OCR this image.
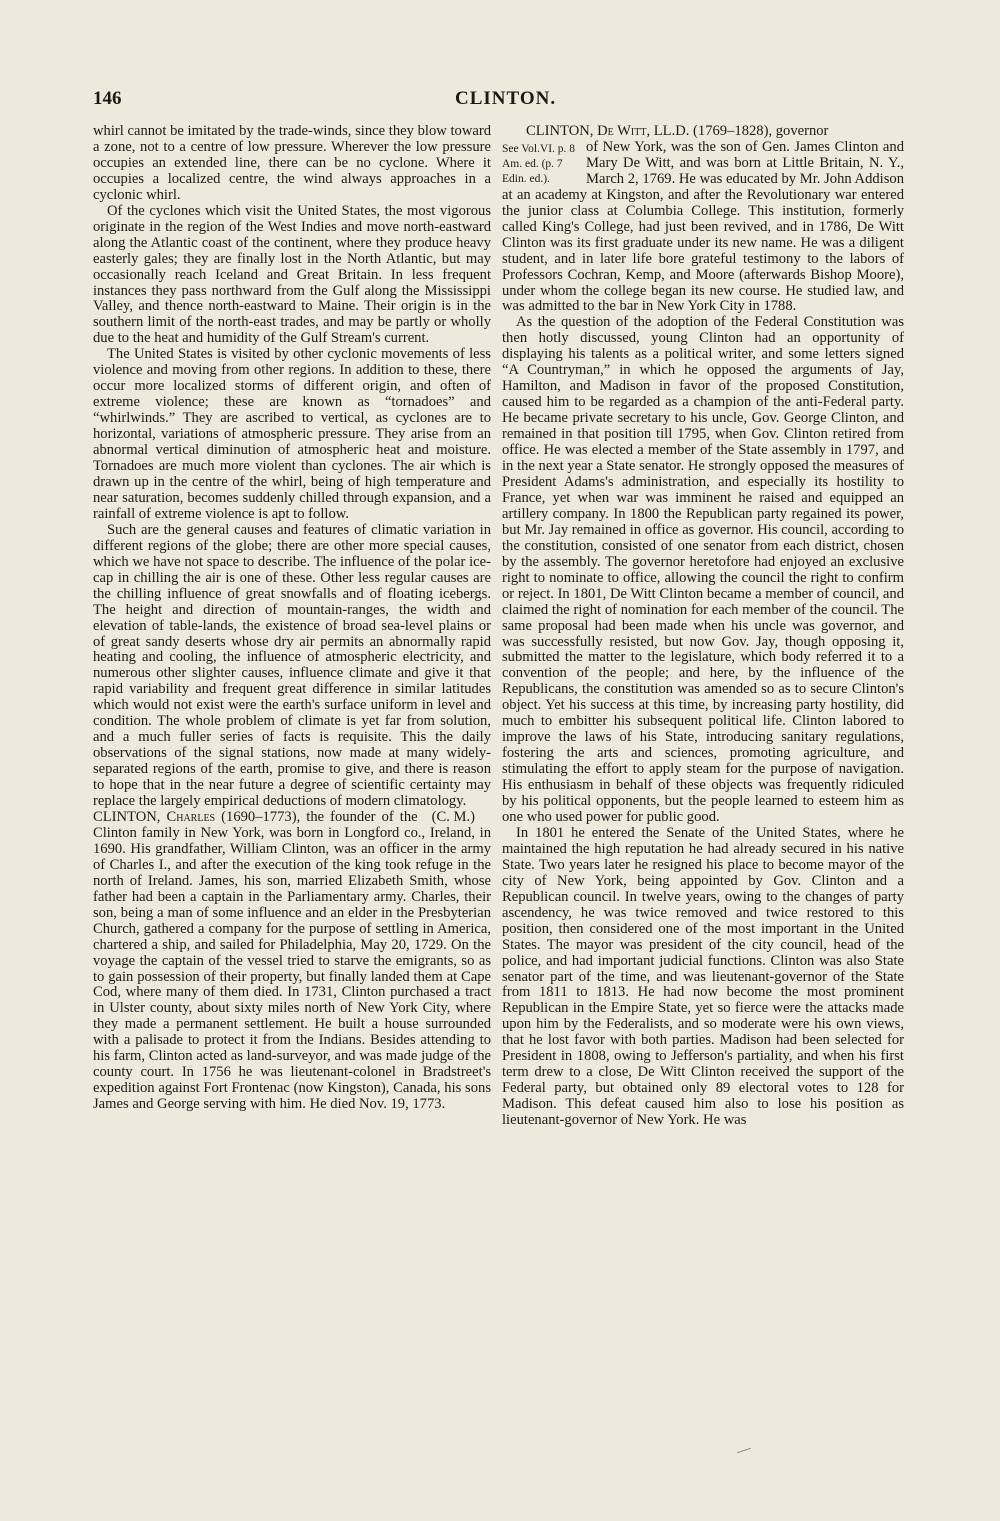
146	CLINTON.

whirl cannot be imitated by the trade-winds, since they blow toward a zone, not to a centre of low pressure. Wherever the low pressure occupies an extended line, there can be no cyclone. Where it occupies a localized centre, the wind always approaches in a cyclonic whirl.

Of the cyclones which visit the United States, the most vigorous originate in the region of the West Indies and move north-eastward along the Atlantic coast of the continent, where they produce heavy easterly gales; they are finally lost in the North Atlantic, but may occasionally reach Iceland and Great Britain. In less frequent instances they pass northward from the Gulf along the Mississippi Valley, and thence north-eastward to Maine. Their origin is in the southern limit of the north-east trades, and may be partly or wholly due to the heat and humidity of the Gulf Stream's current.

The United States is visited by other cyclonic movements of less violence and moving from other regions. In addition to these, there occur more localized storms of different origin, and often of extreme violence; these are known as “tornadoes” and “whirlwinds.” They are ascribed to vertical, as cyclones are to horizontal, variations of atmospheric pressure. They arise from an abnormal vertical diminution of atmospheric heat and moisture. Tornadoes are much more violent than cyclones. The air which is drawn up in the centre of the whirl, being of high temperature and near saturation, becomes suddenly chilled through expansion, and a rainfall of extreme violence is apt to follow.

Such are the general causes and features of climatic variation in different regions of the globe; there are other more special causes, which we have not space to describe. The influence of the polar ice-cap in chilling the air is one of these. Other less regular causes are the chilling influence of great snowfalls and of floating icebergs. The height and direction of mountain-ranges, the width and elevation of table-lands, the existence of broad sea-level plains or of great sandy deserts whose dry air permits an abnormally rapid heating and cooling, the influence of atmospheric electricity, and numerous other slighter causes, influence climate and give it that rapid variability and frequent great difference in similar latitudes which would not exist were the earth's surface uniform in level and condition. The whole problem of climate is yet far from solution, and a much fuller series of facts is requisite. This the daily observations of the signal stations, now made at many widely-separated regions of the earth, promise to give, and there is reason to hope that in the near future a degree of scientific certainty may replace the largely empirical deductions of modern climatology.
(C. M.)

CLINTON, Charles (1690–1773), the founder of the Clinton family in New York, was born in Longford co., Ireland, in 1690. His grandfather, William Clinton, was an officer in the army of Charles I., and after the execution of the king took refuge in the north of Ireland. James, his son, married Elizabeth Smith, whose father had been a captain in the Parliamentary army. Charles, their son, being a man of some influence and an elder in the Presbyterian Church, gathered a company for the purpose of settling in America, chartered a ship, and sailed for Philadelphia, May 20, 1729. On the voyage the captain of the vessel tried to starve the emigrants, so as to gain possession of their property, but finally landed them at Cape Cod, where many of them died. In 1731, Clinton purchased a tract in Ulster county, about sixty miles north of New York City, where they made a permanent settlement. He built a house surrounded with a palisade to protect it from the Indians. Besides attending to his farm, Clinton acted as land-surveyor, and was made judge of the county court. In 1756 he was lieutenant-colonel in Bradstreet's expedition against Fort Frontenac (now Kingston), Canada, his sons James and George serving with him. He died Nov. 19, 1773.

CLINTON, De Witt, LL.D. (1769–1828), governor

See Vol.VI. p. 8 Am. ed. (p. 7 Edin. ed.).
of New York, was the son of Gen. James Clinton and Mary De Witt, and was born at Little Britain, N. Y., March 2, 1769. He was educated by Mr. John Addison at an academy at Kingston, and after the Revolutionary war entered the junior class at Columbia College. This institution, formerly called King's College, had just been revived, and in 1786, De Witt Clinton was its first graduate under its new name. He was a diligent student, and in later life bore grateful testimony to the labors of Professors Cochran, Kemp, and Moore (afterwards Bishop Moore), under whom the college began its new course. He studied law, and was admitted to the bar in New York City in 1788.

As the question of the adoption of the Federal Constitution was then hotly discussed, young Clinton had an opportunity of displaying his talents as a political writer, and some letters signed “A Countryman,” in which he opposed the arguments of Jay, Hamilton, and Madison in favor of the proposed Constitution, caused him to be regarded as a champion of the anti-Federal party. He became private secretary to his uncle, Gov. George Clinton, and remained in that position till 1795, when Gov. Clinton retired from office. He was elected a member of the State assembly in 1797, and in the next year a State senator. He strongly opposed the measures of President Adams's administration, and especially its hostility to France, yet when war was imminent he raised and equipped an artillery company. In 1800 the Republican party regained its power, but Mr. Jay remained in office as governor. His council, according to the constitution, consisted of one senator from each district, chosen by the assembly. The governor heretofore had enjoyed an exclusive right to nominate to office, allowing the council the right to confirm or reject. In 1801, De Witt Clinton became a member of council, and claimed the right of nomination for each member of the council. The same proposal had been made when his uncle was governor, and was successfully resisted, but now Gov. Jay, though opposing it, submitted the matter to the legislature, which body referred it to a convention of the people; and here, by the influence of the Republicans, the constitution was amended so as to secure Clinton's object. Yet his success at this time, by increasing party hostility, did much to embitter his subsequent political life. Clinton labored to improve the laws of his State, introducing sanitary regulations, fostering the arts and sciences, promoting agriculture, and stimulating the effort to apply steam for the purpose of navigation. His enthusiasm in behalf of these objects was frequently ridiculed by his political opponents, but the people learned to esteem him as one who used power for public good.

In 1801 he entered the Senate of the United States, where he maintained the high reputation he had already secured in his native State. Two years later he resigned his place to become mayor of the city of New York, being appointed by Gov. Clinton and a Republican council. In twelve years, owing to the changes of party ascendency, he was twice removed and twice restored to this position, then considered one of the most important in the United States. The mayor was president of the city council, head of the police, and had important judicial functions. Clinton was also State senator part of the time, and was lieutenant-governor of the State from 1811 to 1813. He had now become the most prominent Republican in the Empire State, yet so fierce were the attacks made upon him by the Federalists, and so moderate were his own views, that he lost favor with both parties. Madison had been selected for President in 1808, owing to Jefferson's partiality, and when his first term drew to a close, De Witt Clinton received the support of the Federal party, but obtained only 89 electoral votes to 128 for Madison. This defeat caused him also to lose his position as lieutenant-governor of New York. He was
